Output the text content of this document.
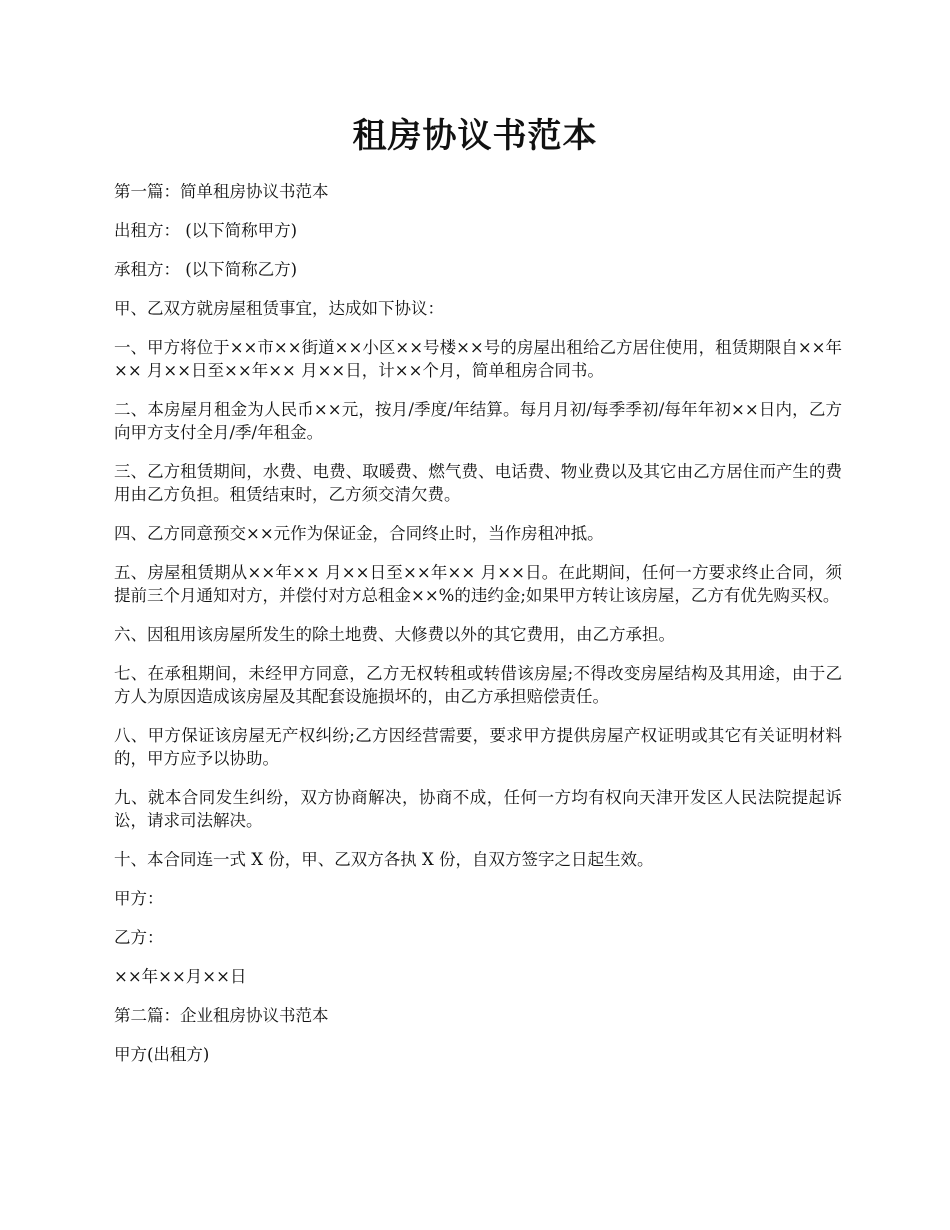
租房协议书范本

第一篇：简单租房协议书范本

出租方： (以下简称甲方)

承租方： (以下简称乙方)

甲、乙双方就房屋租赁事宜，达成如下协议：

一、甲方将位于××市××街道××小区××号楼××号的房屋出租给乙方居住使用，租赁期限自××年×× 月××日至××年×× 月××日，计××个月，简单租房合同书。

二、本房屋月租金为人民币××元，按月/季度/年结算。每月月初/每季季初/每年年初××日内，乙方向甲方支付全月/季/年租金。

三、乙方租赁期间，水费、电费、取暖费、燃气费、电话费、物业费以及其它由乙方居住而产生的费用由乙方负担。租赁结束时，乙方须交清欠费。

四、乙方同意预交××元作为保证金，合同终止时，当作房租冲抵。

五、房屋租赁期从××年×× 月××日至××年×× 月××日。在此期间，任何一方要求终止合同，须提前三个月通知对方，并偿付对方总租金××%的违约金;如果甲方转让该房屋，乙方有优先购买权。

六、因租用该房屋所发生的除土地费、大修费以外的其它费用，由乙方承担。

七、在承租期间，未经甲方同意，乙方无权转租或转借该房屋;不得改变房屋结构及其用途，由于乙方人为原因造成该房屋及其配套设施损坏的，由乙方承担赔偿责任。

八、甲方保证该房屋无产权纠纷;乙方因经营需要，要求甲方提供房屋产权证明或其它有关证明材料的，甲方应予以协助。

九、就本合同发生纠纷，双方协商解决，协商不成，任何一方均有权向天津开发区人民法院提起诉讼，请求司法解决。

十、本合同连一式 X 份，甲、乙双方各执 X 份，自双方签字之日起生效。

甲方：

乙方：

××年××月××日

第二篇：企业租房协议书范本

甲方(出租方)
